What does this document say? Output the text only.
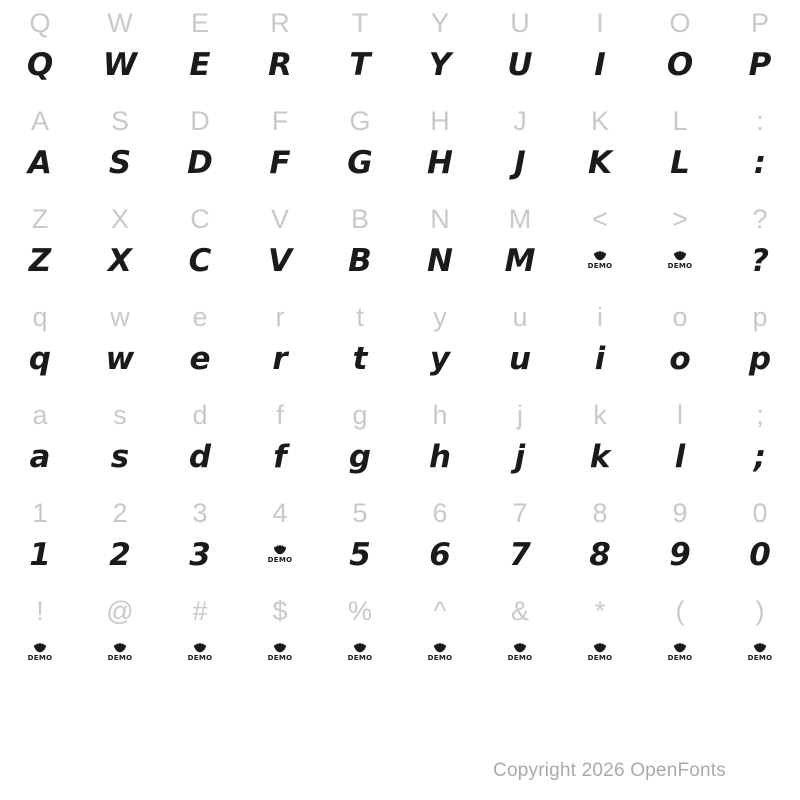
Q
Q
W
W
E
E
R
R
T
T
Y
Y
U
U
I
I
O
O
P
P
A
A
S
S
D
D
F
F
G
G
H
H
J
J
K
K
L
L
:
:
Z
Z
X
X
C
C
V
V
B
B
N
N
M
M
<
DEMO
>
DEMO
?
?
q
q
w
w
e
e
r
r
t
t
y
y
u
u
i
i
o
o
p
p
a
a
s
s
d
d
f
f
g
g
h
h
j
j
k
k
l
l
;
;
1
1
2
2
3
3
4
DEMO
5
5
6
6
7
7
8
8
9
9
0
0
!
DEMO
@
DEMO
#
DEMO
$
DEMO
%
DEMO
^
DEMO
&
DEMO
*
DEMO
(
DEMO
)
DEMO
Copyright 2026 OpenFonts
